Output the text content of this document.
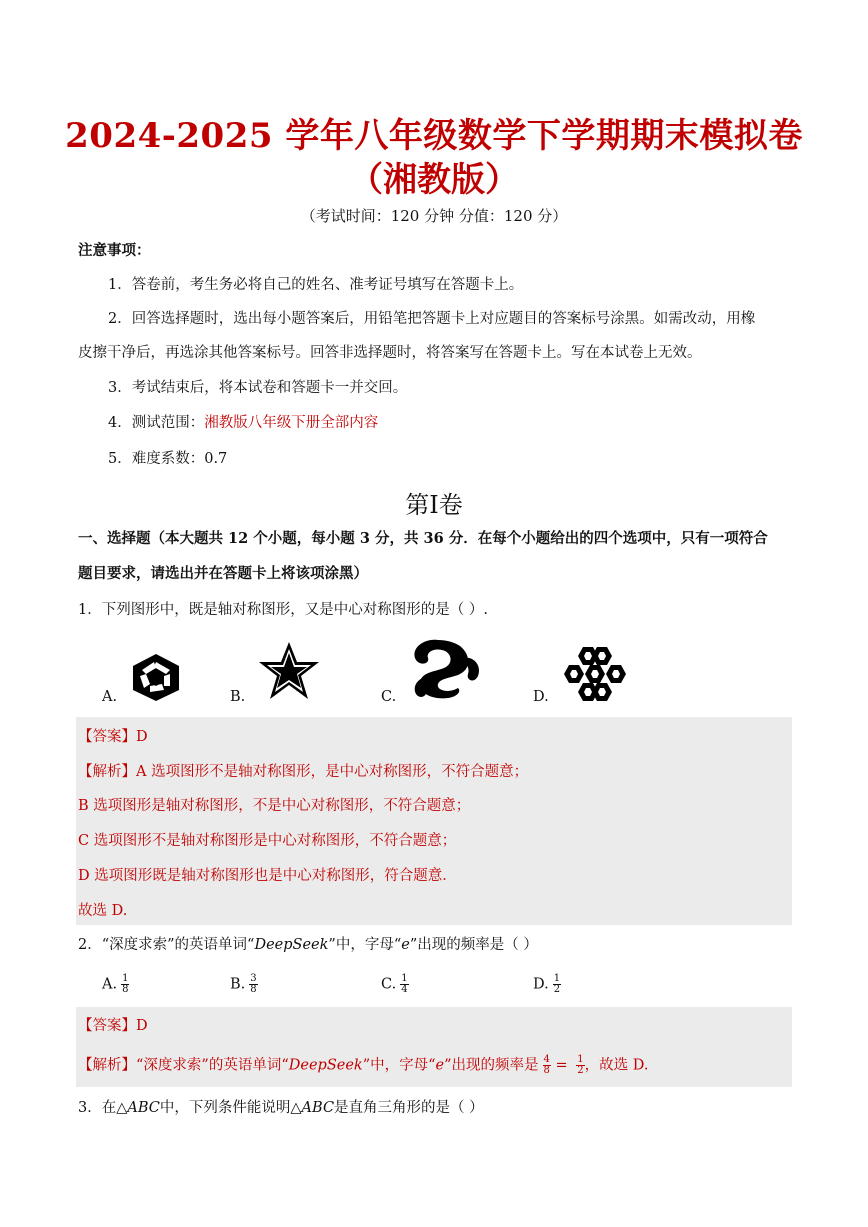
2024-2025 学年八年级数学下学期期末模拟卷
（湘教版）
（考试时间：120 分钟 分值：120 分）
注意事项：
1．答卷前，考生务必将自己的姓名、准考证号填写在答题卡上。
2．回答选择题时，选出每小题答案后，用铅笔把答题卡上对应题目的答案标号涂黑。如需改动，用橡
皮擦干净后，再选涂其他答案标号。回答非选择题时，将答案写在答题卡上。写在本试卷上无效。
3．考试结束后，将本试卷和答题卡一并交回。
4．测试范围：湘教版八年级下册全部内容
5．难度系数：0.7
第Ⅰ卷
一、选择题（本大题共 12 个小题，每小题 3 分，共 36 分．在每个小题给出的四个选项中，只有一项符合
题目要求，请选出并在答题卡上将该项涂黑）
1．下列图形中，既是轴对称图形，又是中心对称图形的是（ ）.
A.	B.	C.	D.
【答案】D
【解析】A 选项图形不是轴对称图形，是中心对称图形，不符合题意；
B 选项图形是轴对称图形，不是中心对称图形，不符合题意；
C 选项图形不是轴对称图形是中心对称图形，不符合题意；
D 选项图形既是轴对称图形也是中心对称图形，符合题意．
故选 D.
2．“深度求索”的英语单词“DeepSeek”中，字母“e”出现的频率是（ ）
A. $\frac{1}{8}$	B. $\frac{3}{8}$	C. $\frac{1}{4}$	D. $\frac{1}{2}$
【答案】D
【解析】“深度求索”的英语单词“DeepSeek”中，字母“e”出现的频率是 $\frac{4}{8} = \frac{1}{2}$ ，故选 D.
3．在△ABC中，下列条件能说明△ABC是直角三角形的是（ ）
